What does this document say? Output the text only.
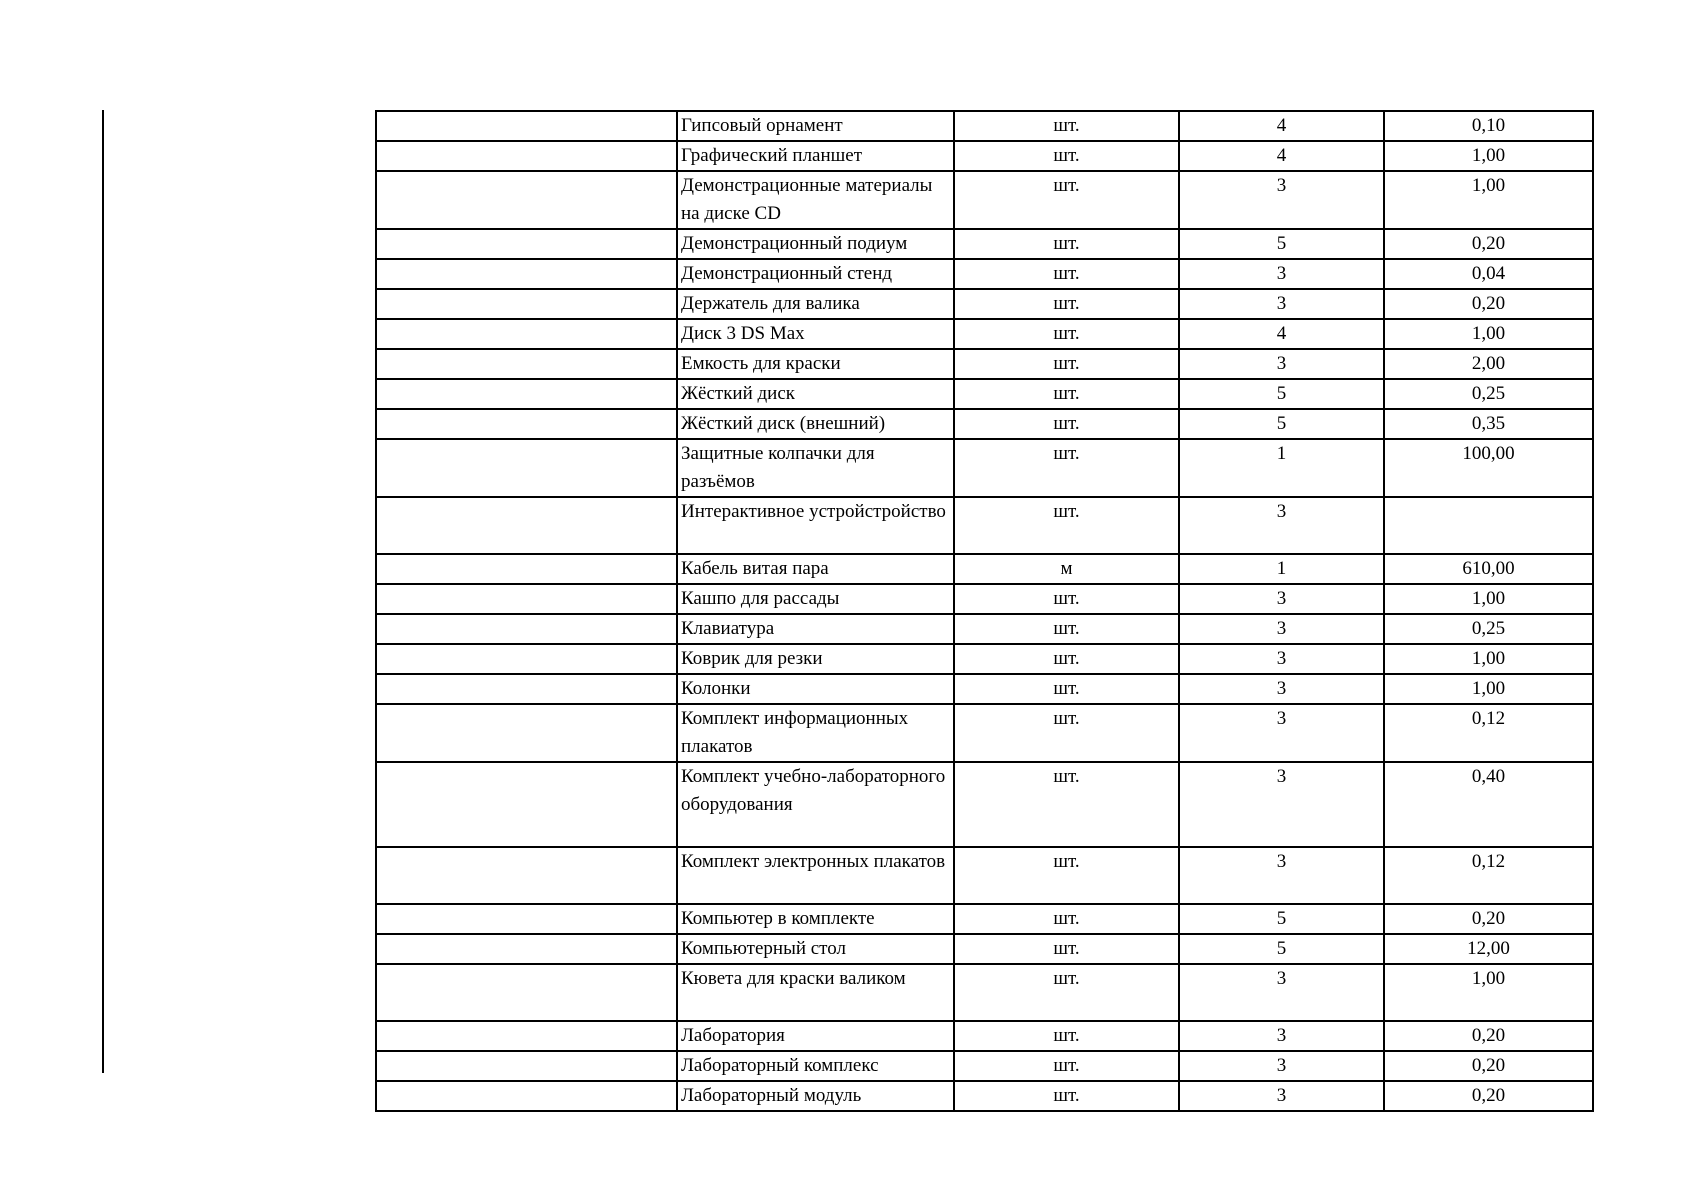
	Гипсовый орнамент	шт.	4	0,10
	Графический планшет	шт.	4	1,00
	Демонстрационные материалы на диске CD	шт.	3	1,00
	Демонстрационный подиум	шт.	5	0,20
	Демонстрационный стенд	шт.	3	0,04
	Держатель для валика	шт.	3	0,20
	Диск 3 DS Max	шт.	4	1,00
	Емкость для краски	шт.	3	2,00
	Жёсткий диск	шт.	5	0,25
	Жёсткий диск (внешний)	шт.	5	0,35
	Защитные колпачки для разъёмов	шт.	1	100,00
	Интерактивное устройстройство	шт.	3	
	Кабель витая пара	м	1	610,00
	Кашпо для рассады	шт.	3	1,00
	Клавиатура	шт.	3	0,25
	Коврик для резки	шт.	3	1,00
	Колонки	шт.	3	1,00
	Комплект информационных плакатов	шт.	3	0,12
	Комплект учебно-лабораторного оборудования	шт.	3	0,40
	Комплект электронных плакатов	шт.	3	0,12
	Компьютер в комплекте	шт.	5	0,20
	Компьютерный стол	шт.	5	12,00
	Кювета для краски валиком	шт.	3	1,00
	Лаборатория	шт.	3	0,20
	Лабораторный комплекс	шт.	3	0,20
	Лабораторный модуль	шт.	3	0,20
